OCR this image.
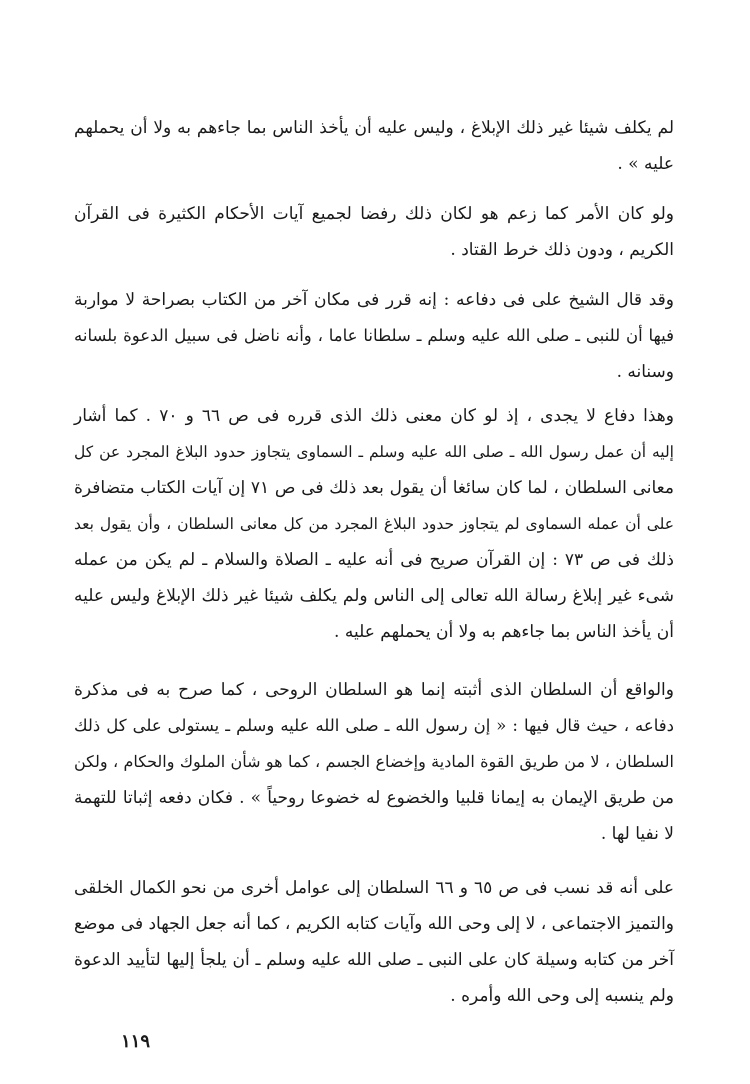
لم يكلف شيئا غير ذلك الإبلاغ ، وليس عليه أن يأخذ الناس بما جاءهم به ولا أن يحملهم
عليه » .
ولو كان الأمر كما زعم هو لكان ذلك رفضا لجميع آيات الأحكام الكثيرة فى القرآن
الكريم ، ودون ذلك خرط القتاد .
وقد قال الشيخ على فى دفاعه : إنه قرر فى مكان آخر من الكتاب بصراحة لا مواربة
فيها أن للنبى ـ صلى الله عليه وسلم ـ سلطانا عاما ، وأنه ناضل فى سبيل الدعوة بلسانه
وسنانه .
وهذا دفاع لا يجدى ، إذ لو كان معنى ذلك الذى قرره فى ص ٦٦ و ٧٠ . كما أشار
إليه أن عمل رسول الله ـ صلى الله عليه وسلم ـ السماوى يتجاوز حدود البلاغ المجرد عن كل
معانى السلطان ، لما كان سائغا أن يقول بعد ذلك فى ص ٧١ إن آيات الكتاب متضافرة
على أن عمله السماوى لم يتجاوز حدود البلاغ المجرد من كل معانى السلطان ، وأن يقول بعد
ذلك فى ص ٧٣ : إن القرآن صريح فى أنه عليه ـ الصلاة والسلام ـ لم يكن من عمله
شىء غير إبلاغ رسالة الله تعالى إلى الناس ولم يكلف شيئا غير ذلك الإبلاغ وليس عليه
أن يأخذ الناس بما جاءهم به ولا أن يحملهم عليه .
والواقع أن السلطان الذى أثبته إنما هو السلطان الروحى ، كما صرح به فى مذكرة
دفاعه ، حيث قال فيها : « إن رسول الله ـ صلى الله عليه وسلم ـ يستولى على كل ذلك
السلطان ، لا من طريق القوة المادية وإخضاع الجسم ، كما هو شأن الملوك والحكام ، ولكن
من طريق الإيمان به إيمانا قلبيا والخضوع له خضوعا روحياً » . فكان دفعه إثباتا للتهمة
لا نفيا لها .
على أنه قد نسب فى ص ٦٥ و ٦٦ السلطان إلى عوامل أخرى من نحو الكمال الخلقى
والتميز الاجتماعى ، لا إلى وحى الله وآيات كتابه الكريم ، كما أنه جعل الجهاد فى موضع
آخر من كتابه وسيلة كان على النبى ـ صلى الله عليه وسلم ـ أن يلجأ إليها لتأييد الدعوة
ولم ينسبه إلى وحى الله وأمره .
١١٩
